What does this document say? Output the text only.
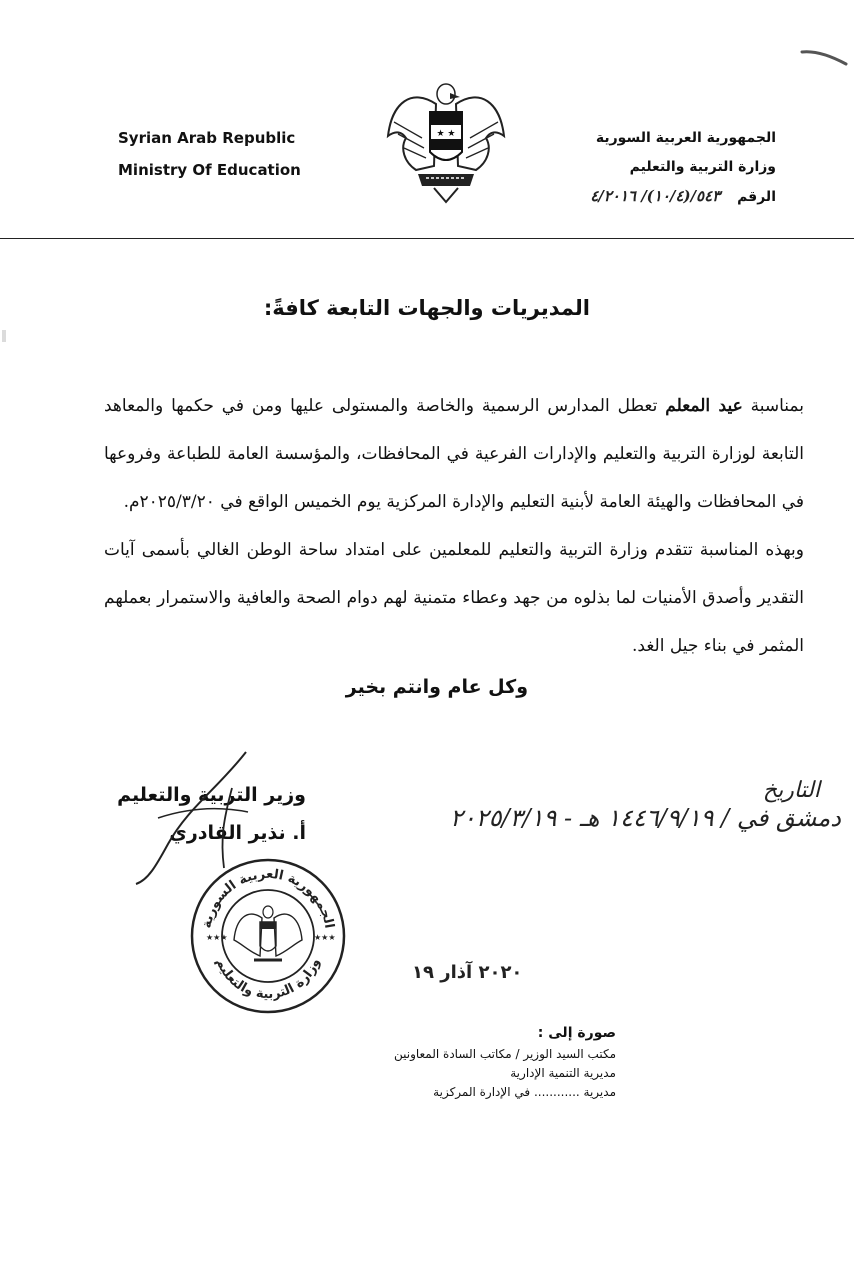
Syrian Arab Republic
Ministry Of Education
★ ★	الجمهورية العربية السورية
وزارة التربية والتعليم
الرقم ٥٤٣/(١٠/٤)/ ٤/٢٠١٦
المديريات والجهات التابعة كافةً:
بمناسبة عيد المعلم تعطل المدارس الرسمية والخاصة والمستولى عليها ومن في حكمها والمعاهد التابعة لوزارة التربية والتعليم والإدارات الفرعية في المحافظات، والمؤسسة العامة للطباعة وفروعها في المحافظات والهيئة العامة لأبنية التعليم والإدارة المركزية يوم الخميس الواقع في ٢٠٢٥/٣/٢٠م.
وبهذه المناسبة تتقدم وزارة التربية والتعليم للمعلمين على امتداد ساحة الوطن الغالي بأسمى آيات التقدير وأصدق الأمنيات لما بذلوه من جهد وعطاء متمنية لهم دوام الصحة والعافية والاستمرار بعملهم المثمر في بناء جيل الغد.
وكل عام وانتم بخير
وزير التربية والتعليم
أ. نذير القادري
التاريخ
دمشق في / ١٤٤٦/٩/١٩ هـ - ٢٠٢٥/٣/١٩
الجمهورية العربية السورية
وزارة التربية والتعليم
★★★	★★★
٢٠٢٠ آذار ١٩
صورة إلى :
مكتب السيد الوزير / مكاتب السادة المعاونين
مديرية التنمية الإدارية
مديرية ............ في الإدارة المركزية
